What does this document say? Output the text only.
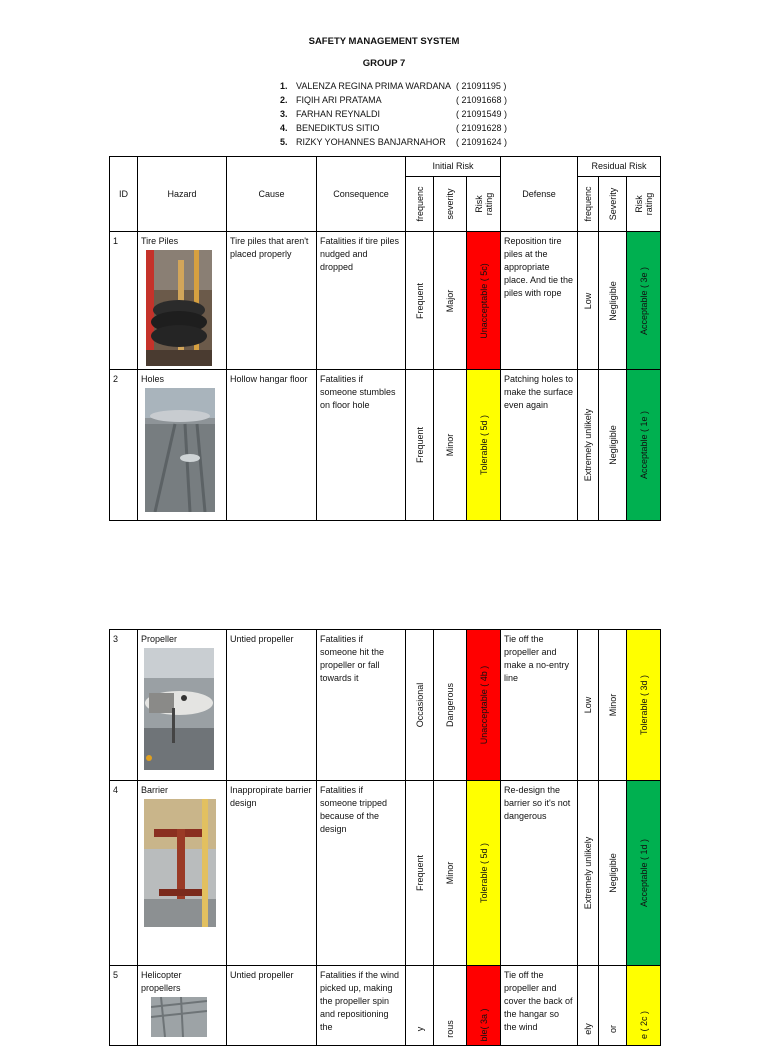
SAFETY MANAGEMENT SYSTEM
GROUP 7
1. VALENZA REGINA PRIMA WARDANA ( 21091195 )
2. FIQIH ARI PRATAMA	( 21091668 )
3. FARHAN REYNALDI	( 21091549 )
4. BENEDIKTUS SITIO	( 21091628 )
5. RIZKY YOHANNES BANJARNAHOR	( 21091624 )
ID	Hazard	Cause	Consequence	Initial Risk			Defense	Residual Risk		

				frequenc	severity	Risk rating		frequenc	Severity	Risk rating

1	Tire Piles	Tire piles that aren't placed properly	Fatalities if tire piles nudged and dropped	Frequent	Major	Unacceptable ( 5c)	Reposition tire piles at the appropriate place. And tie the piles with rope	Low	Negligible	Acceptable ( 3e )

2	Holes	Hollow hangar floor	Fatalities if someone stumbles on floor hole	Frequent	Minor	Tolerable ( 5d )	Patching holes to make the surface even again	Extremely unlikely	Negligible	Acceptable ( 1e )
3	Propeller	Untied propeller	Fatalities if someone hit the propeller or fall towards it	Occasional	Dangerous	Unacceptable ( 4b )	Tie off the propeller and make a no-entry line	Low	Minor	Tolerable ( 3d )

4	Barrier	Inappropirate barrier design	Fatalities if someone tripped because of the design	Frequent	Minor	Tolerable ( 5d )	Re-design the barrier so it's not dangerous	Extremely unlikely	Negligible	Acceptable ( 1d )

5	Helicopter propellers	Untied propeller	Fatalities if the wind picked up, making the propeller spin and repositioning the	y	rous	ble( 3a )	Tie off the propeller and cover the back of the hangar so the wind	ely	or	e ( 2c )
